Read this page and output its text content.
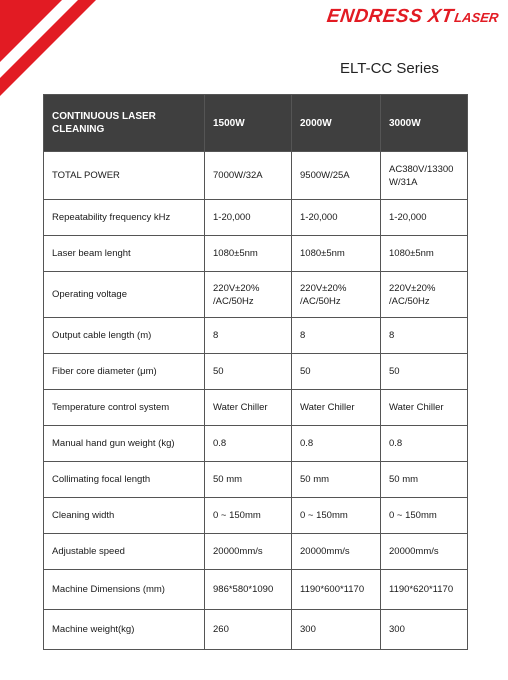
ENDRESS XT
LASER
ELT-CC Series
CONTINUOUS LASER CLEANING	1500W	2000W	3000W
TOTAL POWER	7000W/32A	9500W/25A	AC380V/13300 W/31A
Repeatability frequency kHz	1-20,000	1-20,000	1-20,000
Laser beam lenght	1080±5nm	1080±5nm	1080±5nm
Operating voltage	220V±20% /AC/50Hz	220V±20% /AC/50Hz	220V±20% /AC/50Hz
Output cable length (m)	8	8	8
Fiber core diameter (μm)	50	50	50
Temperature control system	Water Chiller	Water Chiller	Water Chiller
Manual hand gun weight (kg)	0.8	0.8	0.8
Collimating focal length	50 mm	50 mm	50 mm
Cleaning width	0 ~ 150mm	0 ~ 150mm	0 ~ 150mm
Adjustable speed	20000mm/s	20000mm/s	20000mm/s
Machine Dimensions (mm)	986*580*1090	1190*600*1170	1190*620*1170
Machine weight(kg)	260	300	300
